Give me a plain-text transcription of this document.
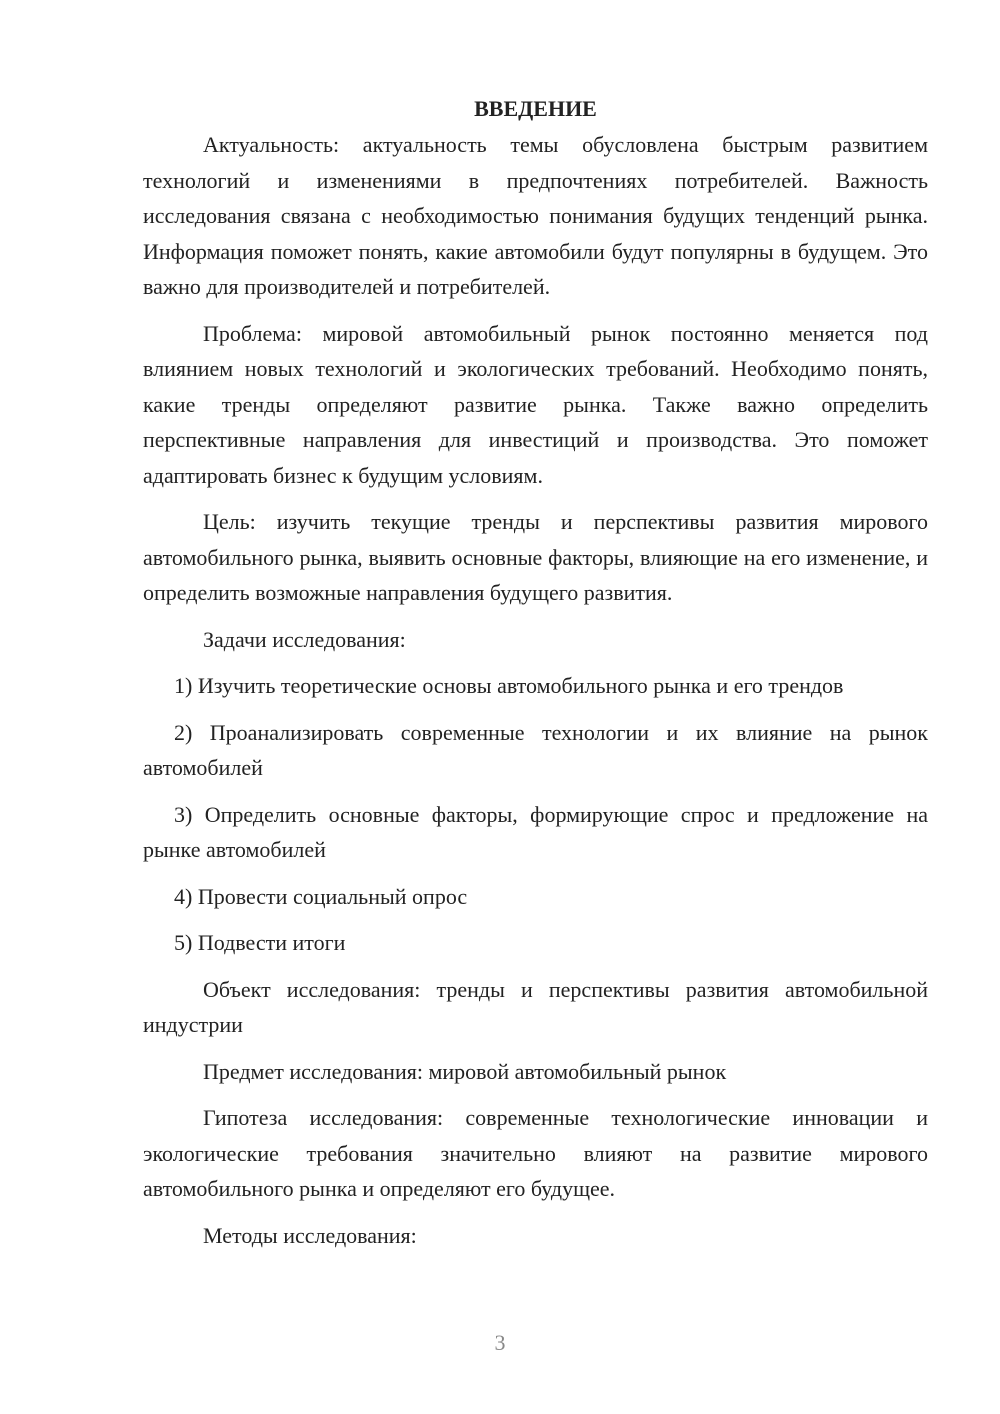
ВВЕДЕНИЕ

Актуальность: актуальность темы обусловлена быстрым развитием технологий и изменениями в предпочтениях потребителей. Важность исследования связана с необходимостью понимания будущих тенденций рынка. Информация поможет понять, какие автомобили будут популярны в будущем. Это важно для производителей и потребителей.

Проблема: мировой автомобильный рынок постоянно меняется под влиянием новых технологий и экологических требований. Необходимо понять, какие тренды определяют развитие рынка. Также важно определить перспективные направления для инвестиций и производства. Это поможет адаптировать бизнес к будущим условиям.

Цель: изучить текущие тренды и перспективы развития мирового автомобильного рынка, выявить основные факторы, влияющие на его изменение, и определить возможные направления будущего развития.

Задачи исследования:

1) Изучить теоретические основы автомобильного рынка и его трендов

2) Проанализировать современные технологии и их влияние на рынок автомобилей

3) Определить основные факторы, формирующие спрос и предложение на рынке автомобилей

4) Провести социальный опрос

5) Подвести итоги

Объект исследования: тренды и перспективы развития автомобильной индустрии

Предмет исследования: мировой автомобильный рынок

Гипотеза исследования: современные технологические инновации и экологические требования значительно влияют на развитие мирового автомобильного рынка и определяют его будущее.

Методы исследования:

3
